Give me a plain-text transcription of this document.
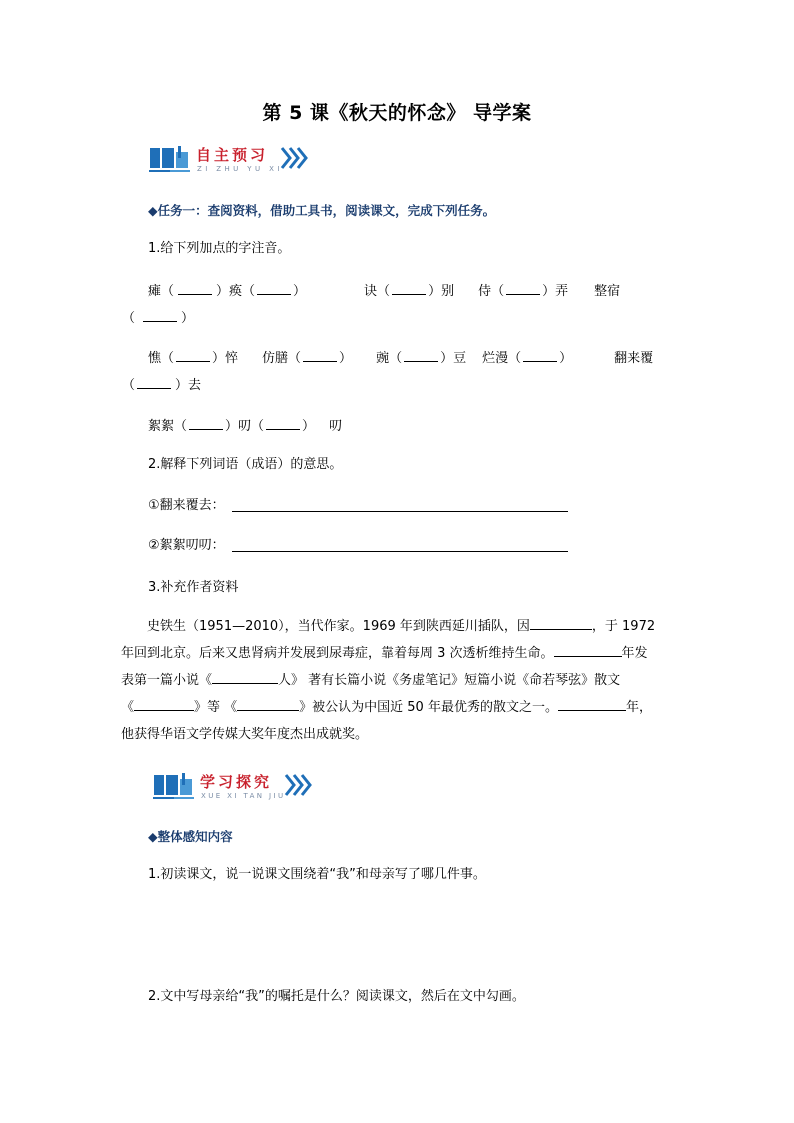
第 5 课《秋天的怀念》 导学案
自主预习
ZI ZHU YU XI
◆任务一：查阅资料，借助工具书，阅读课文，完成下列任务。
1.给下列加点的字注音。
瘫（	）痪（	）	诀（	）别 侍（	）弄 整宿
（	）
憔（	）悴 仿膳（	） 豌（	）豆 烂漫（	）	翻来覆
（	）去
絮絮（	）叨（	） 叨
2.解释下列词语（成语）的意思。
①翻来覆去：
②絮絮叨叨：
3.补充作者资料
史铁生（1951—2010），当代作家。1969 年到陕西延川插队，因	，于 1972
年回到北京。后来又患肾病并发展到尿毒症，靠着每周 3 次透析维持生命。	年发
表第一篇小说《	人》 著有长篇小说《务虚笔记》短篇小说《命若琴弦》散文
《	》等 《	》被公认为中国近 50 年最优秀的散文之一。	年，
他获得华语文学传媒大奖年度杰出成就奖。
学习探究
XUE XI TAN JIU
◆整体感知内容
1.初读课文，说一说课文围绕着“我”和母亲写了哪几件事。
2.文中写母亲给“我”的嘱托是什么？阅读课文，然后在文中勾画。
